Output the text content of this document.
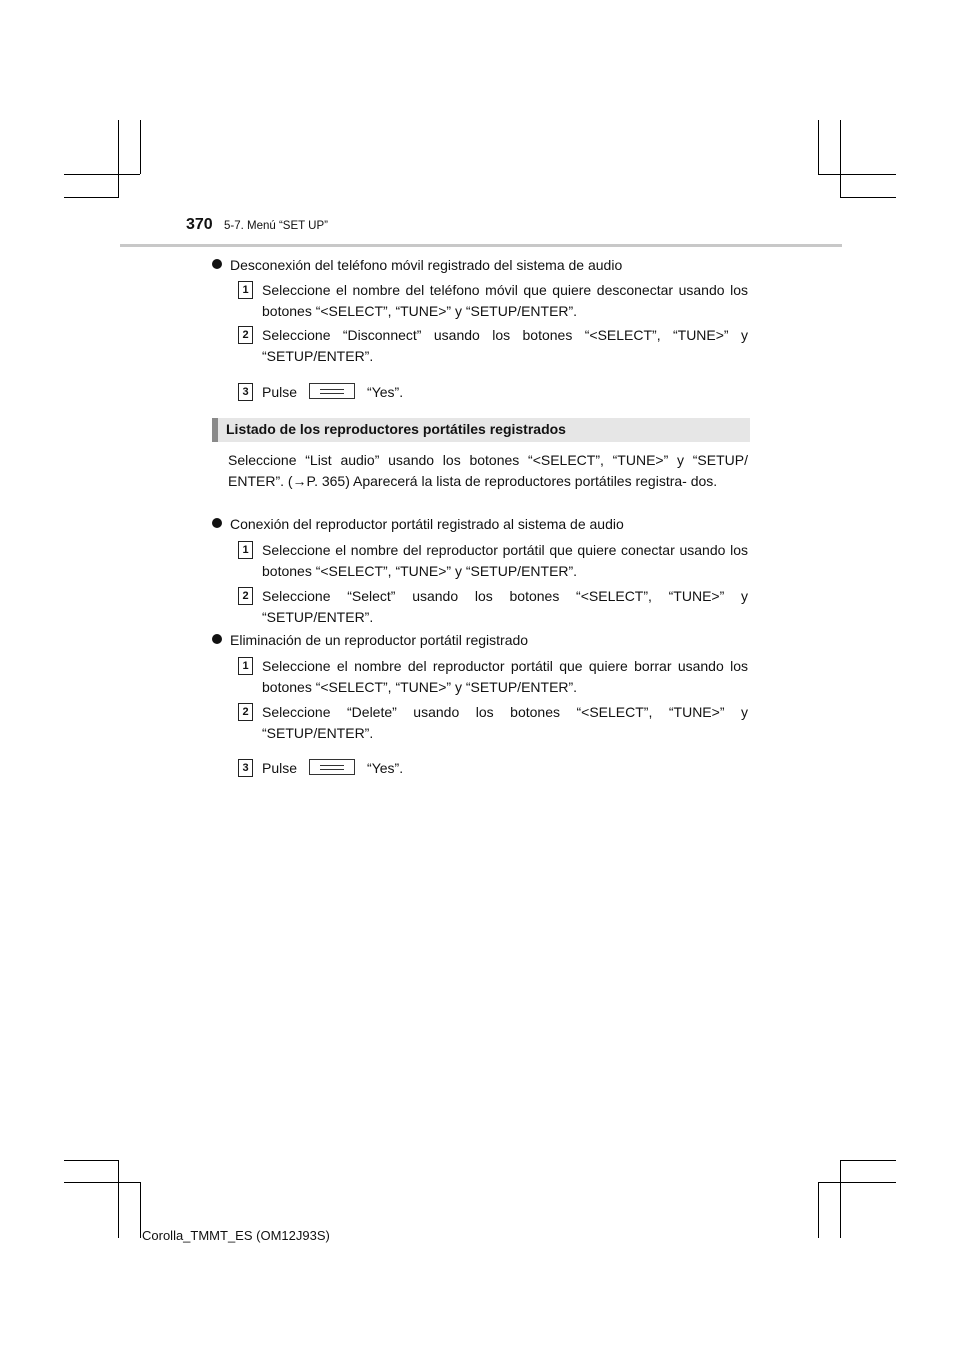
370 5-7. Menú “SET UP”
Desconexión del teléfono móvil registrado del sistema de audio
1 Seleccione el nombre del teléfono móvil que quiere desconectar usando los botones “<SELECT”, “TUNE>” y “SETUP/ENTER”.
2 Seleccione “Disconnect” usando los botones “<SELECT”, “TUNE>” y “SETUP/ENTER”.
3 Pulse	“Yes”.
Listado de los reproductores portátiles registrados
Seleccione “List audio” usando los botones “<SELECT”, “TUNE>” y “SETUP/ ENTER”. (→P. 365) Aparecerá la lista de reproductores portátiles registra- dos.
Conexión del reproductor portátil registrado al sistema de audio
1 Seleccione el nombre del reproductor portátil que quiere conectar usando los botones “<SELECT”, “TUNE>” y “SETUP/ENTER”.
2 Seleccione “Select” usando los botones “<SELECT”, “TUNE>” y “SETUP/ENTER”.
Eliminación de un reproductor portátil registrado
1 Seleccione el nombre del reproductor portátil que quiere borrar usando los botones “<SELECT”, “TUNE>” y “SETUP/ENTER”.
2 Seleccione “Delete” usando los botones “<SELECT”, “TUNE>” y “SETUP/ENTER”.
3 Pulse	“Yes”.
Corolla_TMMT_ES (OM12J93S)
